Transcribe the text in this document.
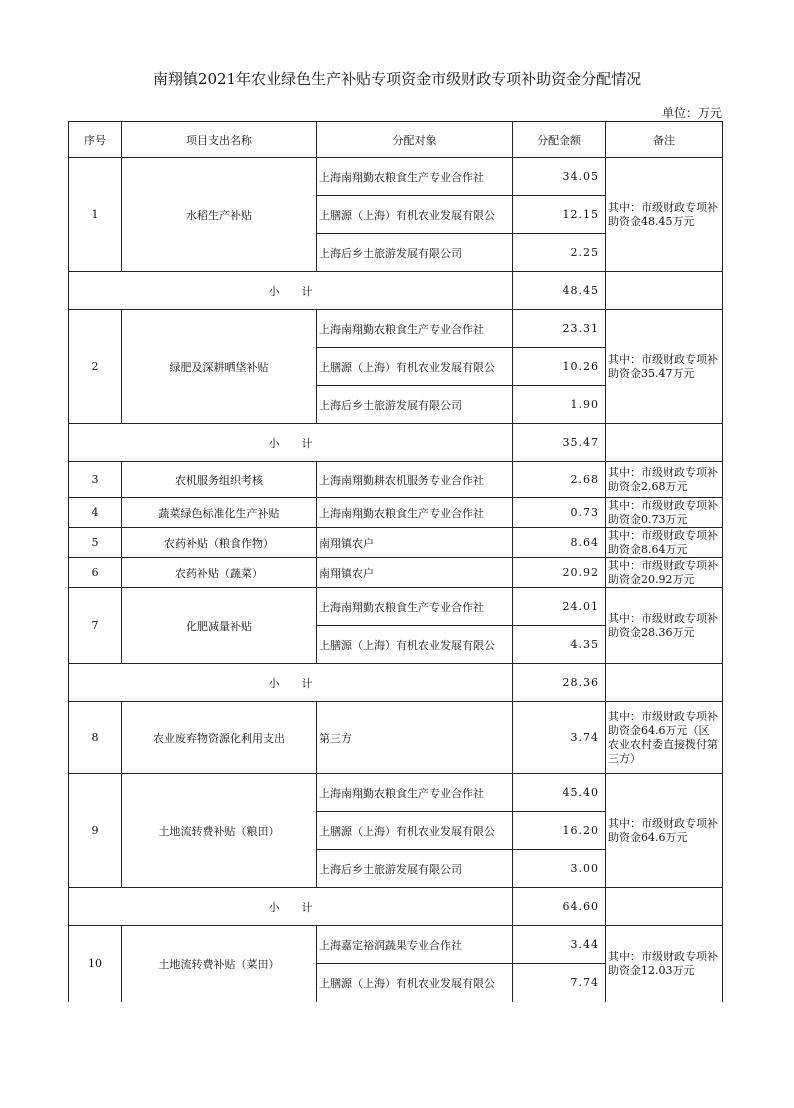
南翔镇2021年农业绿色生产补贴专项资金市级财政专项补助资金分配情况
单位：万元
序号	项目支出名称	分配对象	分配金额	备注
1	水稻生产补贴	上海南翔勤农粮食生产专业合作社	34.05	其中：市级财政专项补助资金48.45万元
		上膳源（上海）有机农业发展有限公	12.15	
		上海后乡土旅游发展有限公司	2.25	
小　　计			48.45	
2	绿肥及深耕晒垡补贴	上海南翔勤农粮食生产专业合作社	23.31	其中：市级财政专项补助资金35.47万元
		上膳源（上海）有机农业发展有限公	10.26	
		上海后乡土旅游发展有限公司	1.90	
小　　计			35.47	
3	农机服务组织考核	上海南翔勤耕农机服务专业合作社	2.68	其中：市级财政专项补助资金2.68万元
4	蔬菜绿色标准化生产补贴	上海南翔勤农粮食生产专业合作社	0.73	其中：市级财政专项补助资金0.73万元
5	农药补贴（粮食作物）	南翔镇农户	8.64	其中：市级财政专项补助资金8.64万元
6	农药补贴（蔬菜）	南翔镇农户	20.92	其中：市级财政专项补助资金20.92万元
7	化肥减量补贴	上海南翔勤农粮食生产专业合作社	24.01	其中：市级财政专项补助资金28.36万元
		上膳源（上海）有机农业发展有限公	4.35	
小　　计			28.36	
8	农业废弃物资源化利用支出	第三方	3.74	其中：市级财政专项补助资金64.6万元（区农业农村委直接拨付第三方）
9	土地流转费补贴（粮田）	上海南翔勤农粮食生产专业合作社	45.40	其中：市级财政专项补助资金64.6万元
		上膳源（上海）有机农业发展有限公	16.20	
		上海后乡土旅游发展有限公司	3.00	
小　　计			64.60	
10	土地流转费补贴（菜田）	上海嘉定裕润蔬果专业合作社	3.44	其中：市级财政专项补助资金12.03万元
		上膳源（上海）有机农业发展有限公	7.74	
